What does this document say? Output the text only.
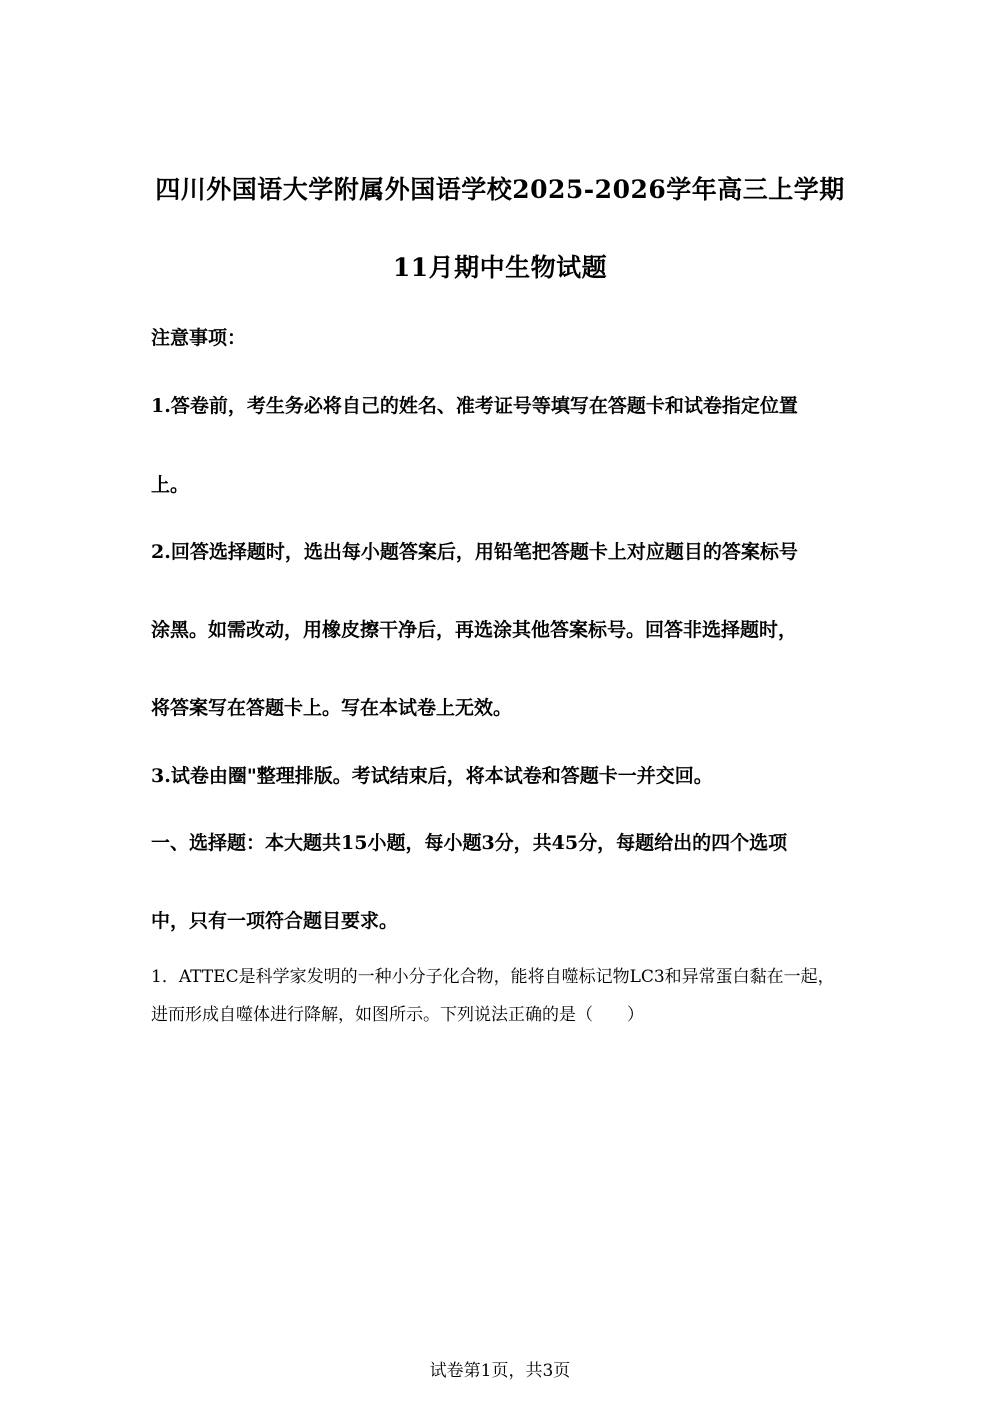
四川外国语大学附属外国语学校2025-2026学年高三上学期
11月期中生物试题
注意事项：
1.答卷前，考生务必将自己的姓名、准考证号等填写在答题卡和试卷指定位置
上。
2.回答选择题时，选出每小题答案后，用铅笔把答题卡上对应题目的答案标号
涂黑。如需改动，用橡皮擦干净后，再选涂其他答案标号。回答非选择题时，
将答案写在答题卡上。写在本试卷上无效。
3.试卷由圈"整理排版。考试结束后，将本试卷和答题卡一并交回。
一、选择题：本大题共15小题，每小题3分，共45分，每题给出的四个选项
中，只有一项符合题目要求。
1．ATTEC是科学家发明的一种小分子化合物，能将自噬标记物LC3和异常蛋白黏在一起，
进而形成自噬体进行降解，如图所示。下列说法正确的是（　　）
试卷第1页，共3页
